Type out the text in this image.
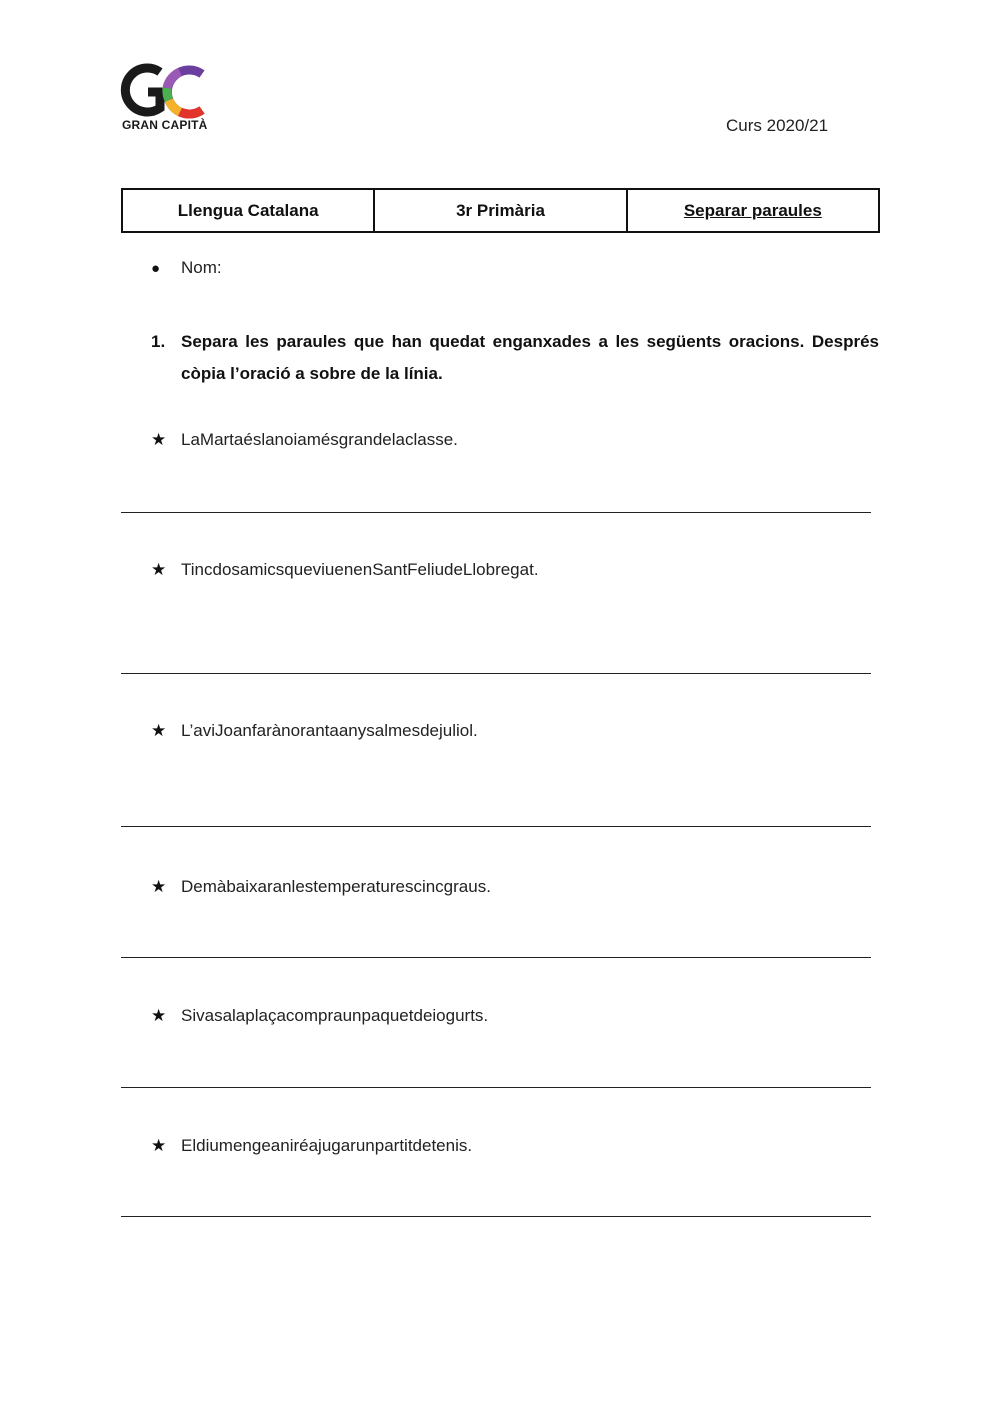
GRAN CAPITÀ	Curs 2020/21
Llengua Catalana	3r Primària	Separar paraules
● Nom:
1. Separa les paraules que han quedat enganxades a les següents oracions. Després còpia l’oració a sobre de la línia.
★ LaMartaéslanoiamésgrandelaclasse.
★ TincdosamicsqueviuenenSantFeliudeLlobregat.
★ L’aviJoanfarànorantaanysalmesdejuliol.
★ Demàbaixaranlestemperaturescincgraus.
★ Sivasalaplaçacompraunpaquetdeiogurts.
★ Eldiumengeaniréajugarunpartitdetenis.
